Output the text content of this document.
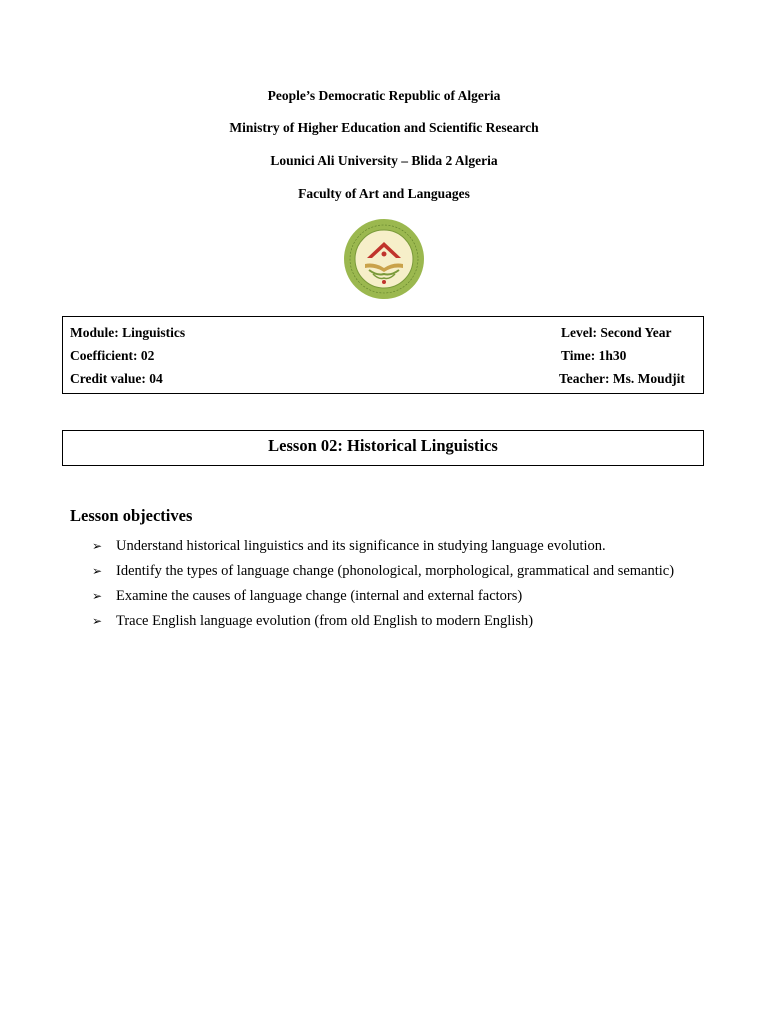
People’s Democratic Republic of Algeria
Ministry of Higher Education and Scientific Research
Lounici Ali University – Blida 2 Algeria
Faculty of Art and Languages
Module: Linguistics
Coefficient: 02
Credit value: 04
Level: Second Year
Time: 1h30
Teacher: Ms. Moudjit
Lesson 02: Historical Linguistics
Lesson objectives
➢ Understand historical linguistics and its significance in studying language evolution.
➢ Identify the types of language change (phonological, morphological, grammatical and semantic)
➢ Examine the causes of language change (internal and external factors)
➢ Trace English language evolution (from old English to modern English)
